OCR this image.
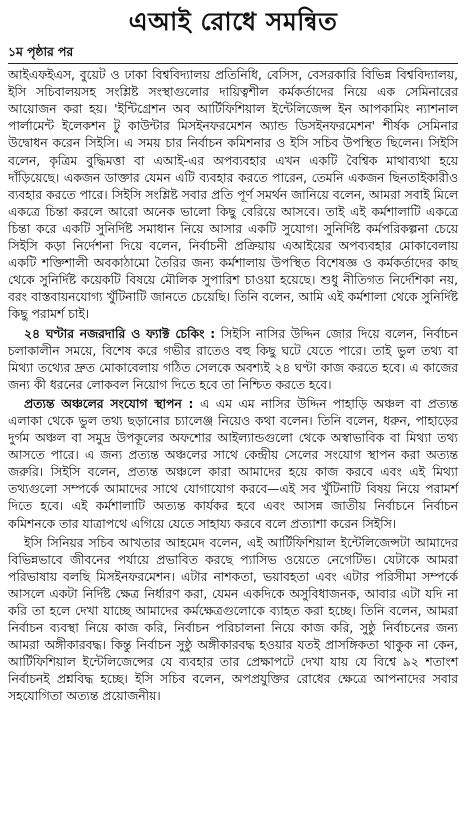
এআই রোধে সমন্বিত

১ম পৃষ্ঠার পর

আইএফইএস, বুয়েট ও ঢাকা বিশ্ববিদ্যালয় প্রতিনিধি, বেসিস, বেসরকারি বিভিন্ন বিশ্ববিদ্যালয়, ইসি সচিবালয়সহ সংশ্লিষ্ট সংস্থাগুলোর দায়িত্বশীল কর্মকর্তাদের নিয়ে এক সেমিনারের আয়োজন করা হয়। 'ইন্টিগ্রেশন অব আর্টিফিশিয়াল ইন্টেলিজেন্স ইন আপকামিং ন্যাশনাল পার্লামেন্ট ইলেকশন টু কাউন্টার মিসইনফরমেশন অ্যান্ড ডিসইনফরমেশন' শীর্ষক সেমিনার উদ্বোধন করেন সিইসি। এ সময় চার নির্বাচন কমিশনার ও ইসি সচিব উপস্থিত ছিলেন। সিইসি বলেন, কৃত্রিম বুদ্ধিমত্তা বা এআই-এর অপব্যবহার এখন একটি বৈশ্বিক মাথাব্যথা হয়ে দাঁড়িয়েছে। একজন ডাক্তার যেমন এটি ব্যবহার করতে পারেন, তেমনি একজন ছিনতাইকারীও ব্যবহার করতে পারে। সিইসি সংশ্লিষ্ট সবার প্রতি পূর্ণ সমর্থন জানিয়ে বলেন, আমরা সবাই মিলে একত্রে চিন্তা করলে আরো অনেক ভালো কিছু বেরিয়ে আসবে। তাই এই কর্মশালাটি একত্রে চিন্তা করে একটি সুনির্দিষ্ট সমাধান নিয়ে আসার একটি সুযোগ। সুনির্দিষ্ট কর্মপরিকল্পনা চেয়ে সিইসি কড়া নির্দেশনা দিয়ে বলেন, নির্বাচনী প্রক্রিয়ায় এআইয়ের অপব্যবহার মোকাবেলায় একটি শক্তিশালী অবকাঠামো তৈরির জন্য কর্মশালায় উপস্থিত বিশেষজ্ঞ ও কর্মকর্তাদের কাছ থেকে সুনির্দিষ্ট কয়েকটি বিষয়ে মৌলিক সুপারিশ চাওয়া হয়েছে। শুধু নীতিগত নির্দেশিকা নয়, বরং বাস্তবায়নযোগ্য খুঁটিনাটি জানতে চেয়েছি। তিনি বলেন, আমি এই কর্মশালা থেকে সুনির্দিষ্ট কিছু পরামর্শ চাই।

২৪ ঘণ্টার নজরদারি ও ফ্যাক্ট চেকিং : সিইসি নাসির উদ্দিন জোর দিয়ে বলেন, নির্বাচন চলাকালীন সময়ে, বিশেষ করে গভীর রাতেও বহু কিছু ঘটে যেতে পারে। তাই ভুল তথ্য বা মিথ্যা তথ্যের দ্রুত মোকাবেলায় গঠিত সেলকে অবশ্যই ২৪ ঘণ্টা কাজ করতে হবে। এ কাজের জন্য কী ধরনের লোকবল নিয়োগ দিতে হবে তা নিশ্চিত করতে হবে।

প্রত্যন্ত অঞ্চলের সংযোগ স্থাপন : এ এম এম নাসির উদ্দিন পাহাড়ি অঞ্চল বা প্রত্যন্ত এলাকা থেকে ভুল তথ্য ছড়ানোর চ্যালেঞ্জ নিয়েও কথা বলেন। তিনি বলেন, ধরুন, পাহাড়ের দুর্গম অঞ্চল বা সমুদ্র উপকূলের অফশোর আইল্যান্ডগুলো থেকে অস্বাভাবিক বা মিথ্যা তথ্য আসতে পারে। এ জন্য প্রত্যন্ত অঞ্চলের সাথে কেন্দ্রীয় সেলের সংযোগ স্থাপন করা অত্যন্ত জরুরি। সিইসি বলেন, প্রত্যন্ত অঞ্চলে কারা আমাদের হয়ে কাজ করবে এবং এই মিথ্যা তথ্যগুলো সম্পর্কে আমাদের সাথে যোগাযোগ করবে—এই সব খুঁটিনাটি বিষয় নিয়ে পরামর্শ দিতে হবে। এই কর্মশালাটি অত্যন্ত কার্যকর হবে এবং আসন্ন জাতীয় নির্বাচনে নির্বাচন কমিশনকে তার যাত্রাপথে এগিয়ে যেতে সাহায্য করবে বলে প্রত্যাশা করেন সিইসি।

ইসি সিনিয়র সচিব আখতার আহমেদ বলেন, এই আর্টিফিশিয়াল ইন্টেলিজেন্সটা আমাদের বিভিন্নভাবে জীবনের পর্যায়ে প্রভাবিত করছে প্যাসিভ ওয়েতে নেগেটিভ। যেটাকে আমরা পরিভাষায় বলছি মিসইনফরমেশন। এটার নাশকতা, ভয়াবহতা এবং এটার পরিসীমা সম্পর্কে আসলে একটা নির্দিষ্ট ক্ষেত্র নির্ধারণ করা, যেমন একদিকে অসুবিধাজনক, আবার এটা যদি না করি তা হলে দেখা যাচ্ছে আমাদের কর্মক্ষেত্রগুলোকে ব্যাহত করা হচ্ছে। তিনি বলেন, আমরা নির্বাচন ব্যবস্থা নিয়ে কাজ করি, নির্বাচন পরিচালনা নিয়ে কাজ করি, সুষ্ঠু নির্বাচনের জন্য আমরা অঙ্গীকারবদ্ধ। কিন্তু নির্বাচন সুষ্ঠু অঙ্গীকারবদ্ধ হওয়ার যতই প্রাসঙ্গিকতা থাকুক না কেন, আর্টিফিশিয়াল ইন্টেলিজেন্সের যে ব্যবহার তার প্রেক্ষাপটে দেখা যায় যে বিশ্বে ৯২ শতাংশ নির্বাচনই প্রশ্নবিদ্ধ হচ্ছে। ইসি সচিব বলেন, অপপ্রযুক্তির রোধের ক্ষেত্রে আপনাদের সবার সহযোগিতা অত্যন্ত প্রয়োজনীয়।
